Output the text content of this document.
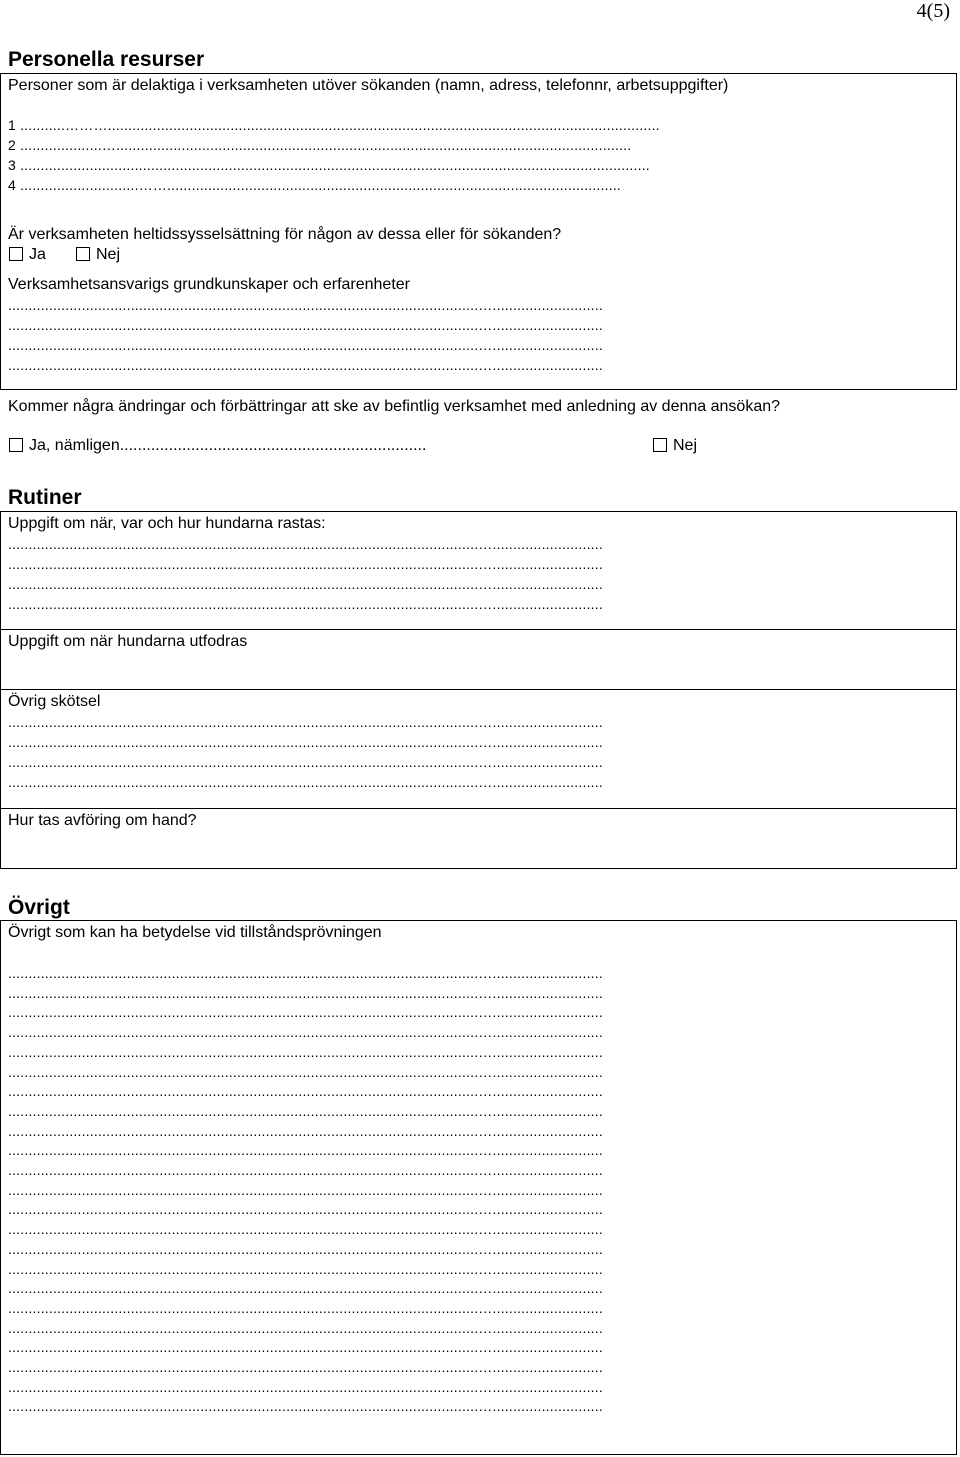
4(5)
Personella resurser
Personer som är delaktiga i verksamheten utöver sökanden (namn, adress, telefonnr, arbetsuppgifter)
1 ...........……….......................................................................................................................................
2 ....................…..............................................................................................................................
3 ..........................................................................................................................................................
4 .............................……...............................................................................................................
Är verksamheten heltidssysselsättning för någon av dessa eller för sökanden?
Ja	Nej
Verksamhetsansvarigs grundkunskaper och erfarenheter
...................................................................................................................…...........................
...................................................................................................................…...........................
...................................................................................................................…...........................
...................................................................................................................…...........................
Kommer några ändringar och förbättringar att ske av befintlig verksamhet med anledning av denna ansökan?
Ja, nämligen.....................................................................	Nej
Rutiner
Uppgift om när, var och hur hundarna rastas:
...................................................................................................................…...........................
...................................................................................................................…...........................
...................................................................................................................…...........................
...................................................................................................................…...........................
Uppgift om när hundarna utfodras
Övrig skötsel
...................................................................................................................…...........................
...................................................................................................................…...........................
...................................................................................................................…...........................
...................................................................................................................…...........................
Hur tas avföring om hand?
Övrigt
Övrigt som kan ha betydelse vid tillståndsprövningen
...................................................................................................................…...........................
...................................................................................................................…...........................
...................................................................................................................…...........................
...................................................................................................................…...........................
...................................................................................................................…...........................
...................................................................................................................…...........................
...................................................................................................................…...........................
...................................................................................................................…...........................
...................................................................................................................…...........................
...................................................................................................................…...........................
...................................................................................................................…...........................
...................................................................................................................…...........................
...................................................................................................................…...........................
...................................................................................................................…...........................
...................................................................................................................…...........................
...................................................................................................................…...........................
...................................................................................................................…...........................
...................................................................................................................…...........................
...................................................................................................................…...........................
...................................................................................................................…...........................
...................................................................................................................…...........................
...................................................................................................................…...........................
...................................................................................................................…...........................
